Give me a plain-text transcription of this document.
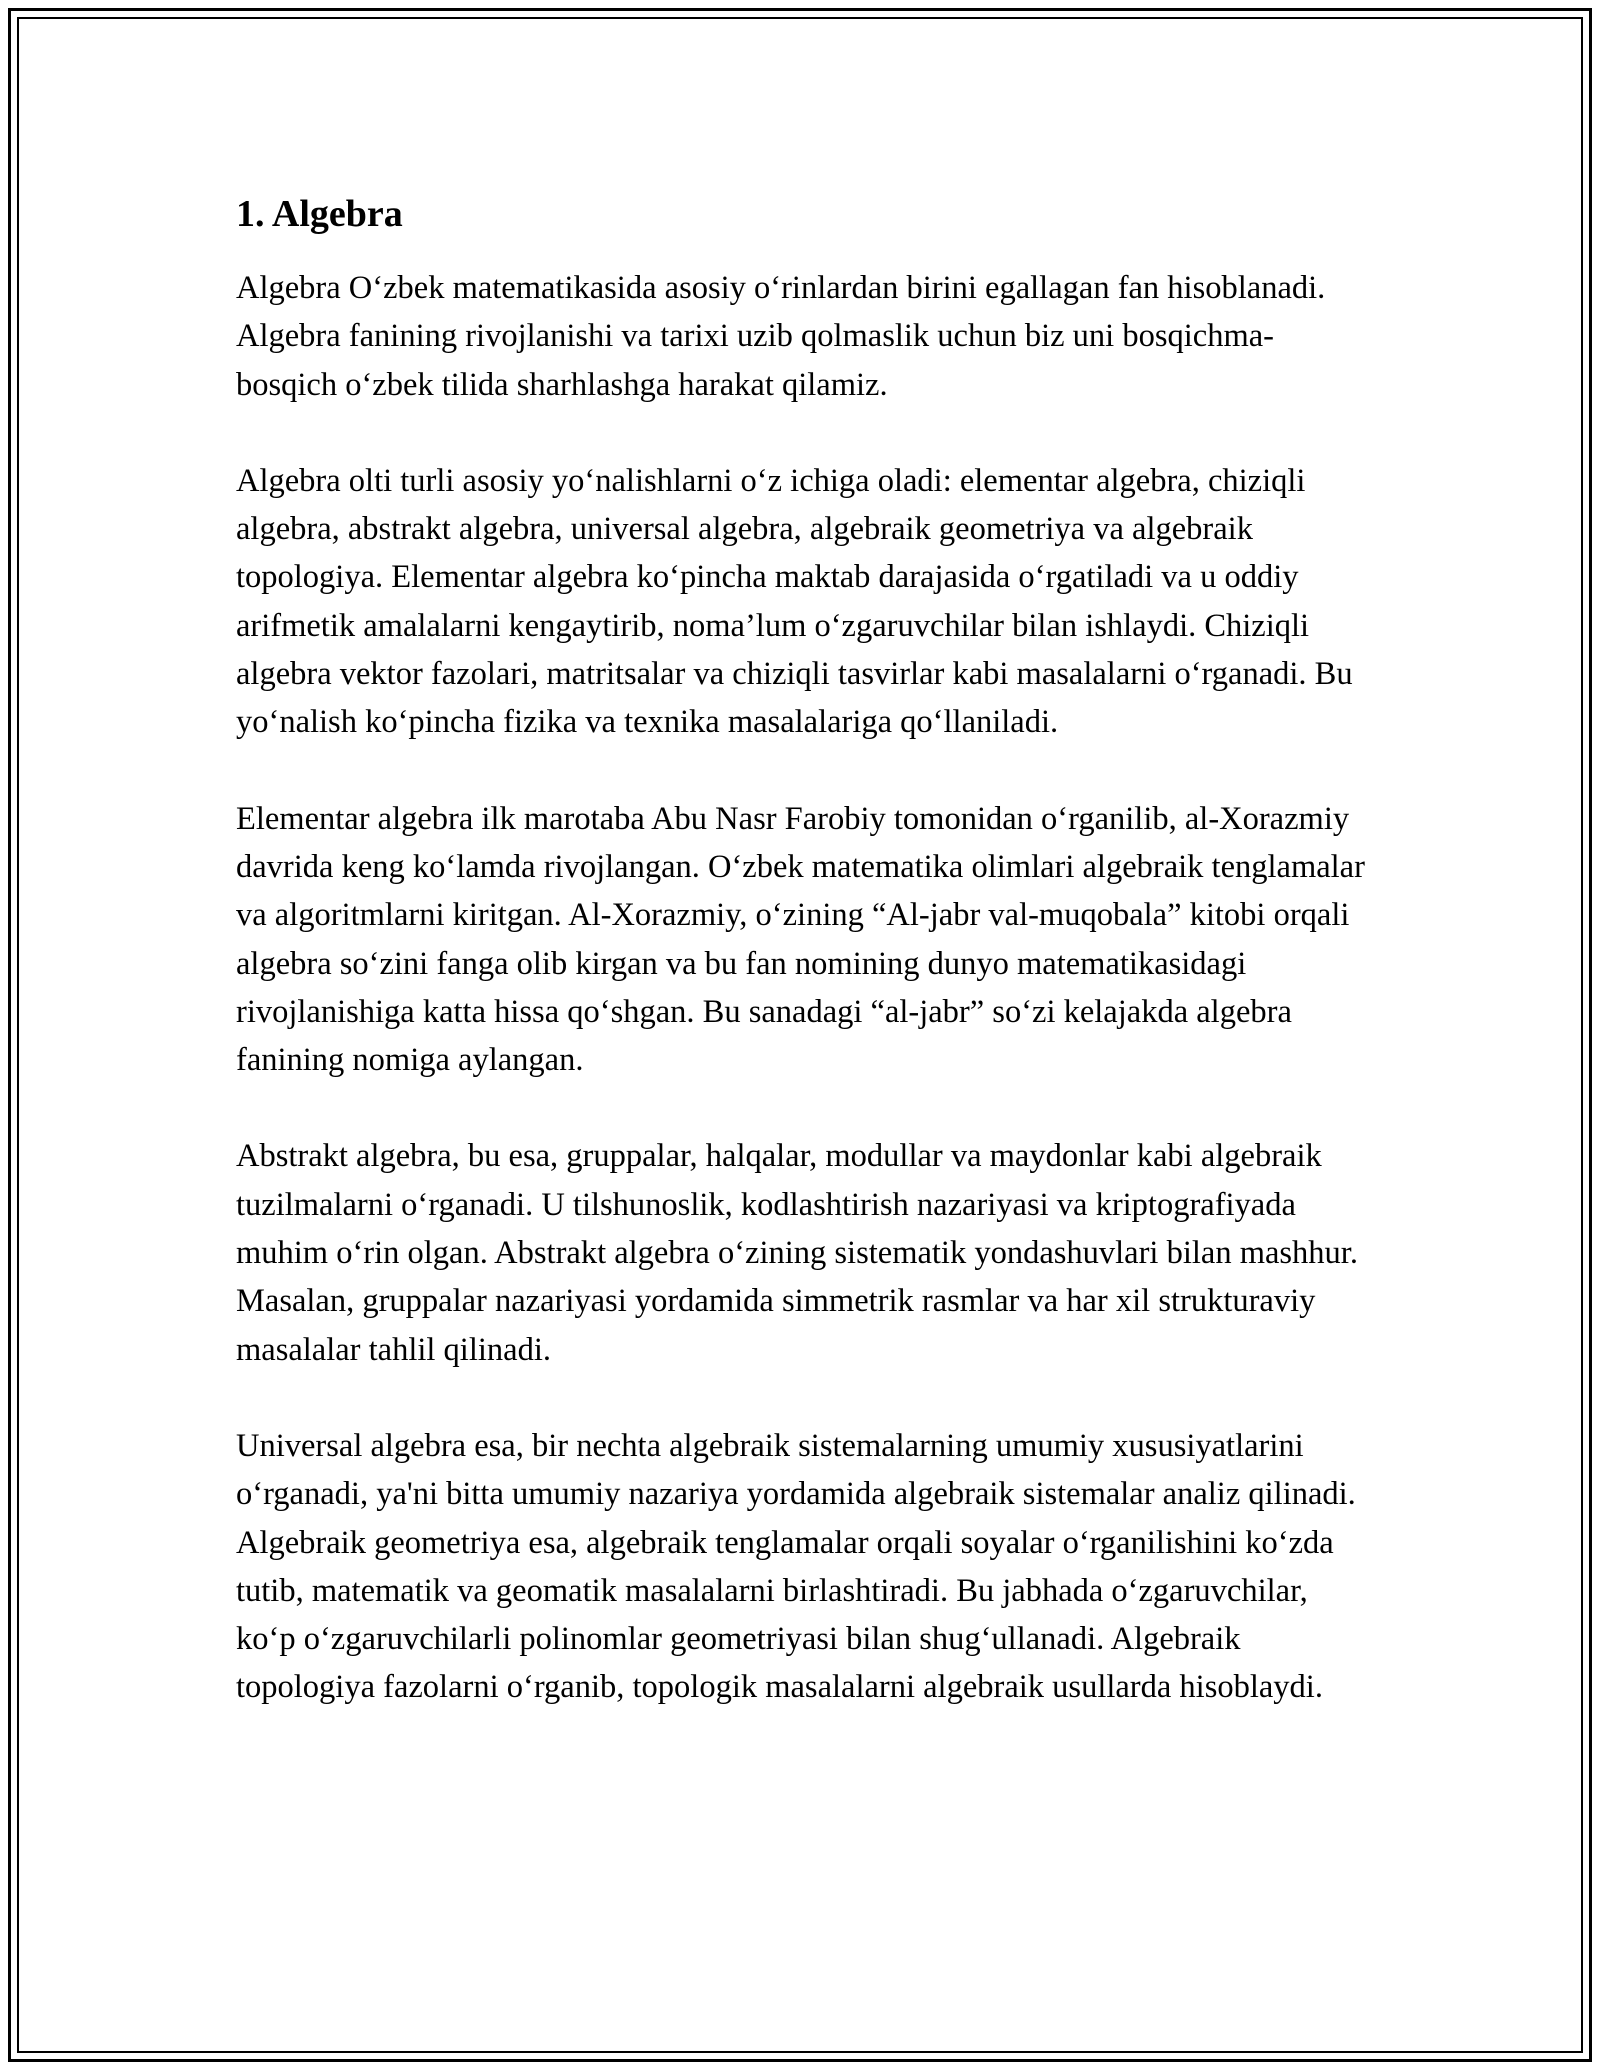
1. Algebra

Algebra O‘zbek matematikasida asosiy o‘rinlardan birini egallagan fan hisoblanadi. Algebra fanining rivojlanishi va tarixi uzib qolmaslik uchun biz uni bosqichma-bosqich o‘zbek tilida sharhlashga harakat qilamiz.

Algebra olti turli asosiy yo‘nalishlarni o‘z ichiga oladi: elementar algebra, chiziqli algebra, abstrakt algebra, universal algebra, algebraik geometriya va algebraik topologiya. Elementar algebra ko‘pincha maktab darajasida o‘rgatiladi va u oddiy arifmetik amalalarni kengaytirib, noma’lum o‘zgaruvchilar bilan ishlaydi. Chiziqli algebra vektor fazolari, matritsalar va chiziqli tasvirlar kabi masalalarni o‘rganadi. Bu yo‘nalish ko‘pincha fizika va texnika masalalariga qo‘llaniladi.

Elementar algebra ilk marotaba Abu Nasr Farobiy tomonidan o‘rganilib, al-Xorazmiy davrida keng ko‘lamda rivojlangan. O‘zbek matematika olimlari algebraik tenglamalar va algoritmlarni kiritgan. Al-Xorazmiy, o‘zining “Al-jabr val-muqobala” kitobi orqali algebra so‘zini fanga olib kirgan va bu fan nomining dunyo matematikasidagi rivojlanishiga katta hissa qo‘shgan. Bu sanadagi “al-jabr” so‘zi kelajakda algebra fanining nomiga aylangan.

Abstrakt algebra, bu esa, gruppalar, halqalar, modullar va maydonlar kabi algebraik tuzilmalarni o‘rganadi. U tilshunoslik, kodlashtirish nazariyasi va kriptografiyada muhim o‘rin olgan. Abstrakt algebra o‘zining sistematik yondashuvlari bilan mashhur. Masalan, gruppalar nazariyasi yordamida simmetrik rasmlar va har xil strukturaviy masalalar tahlil qilinadi.

Universal algebra esa, bir nechta algebraik sistemalarning umumiy xususiyatlarini o‘rganadi, ya'ni bitta umumiy nazariya yordamida algebraik sistemalar analiz qilinadi. Algebraik geometriya esa, algebraik tenglamalar orqali soyalar o‘rganilishini ko‘zda tutib, matematik va geomatik masalalarni birlashtiradi. Bu jabhada o‘zgaruvchilar, ko‘p o‘zgaruvchilarli polinomlar geometriyasi bilan shug‘ullanadi. Algebraik topologiya fazolarni o‘rganib, topologik masalalarni algebraik usullarda hisoblaydi.
